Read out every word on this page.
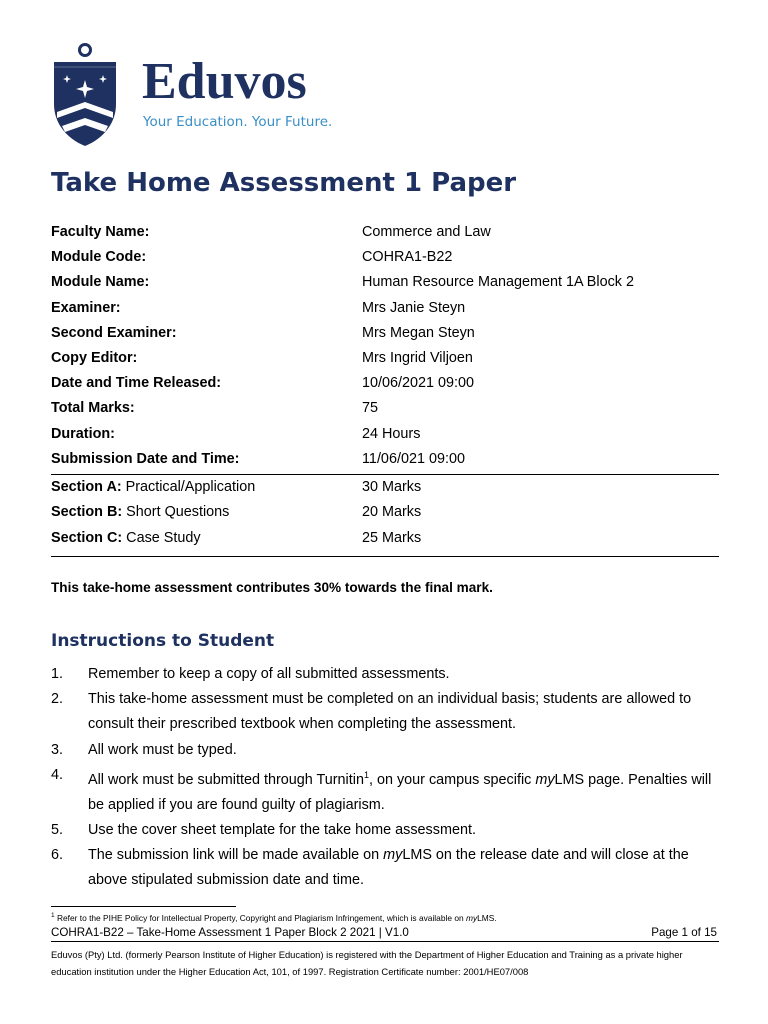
Eduvos
Your Education. Your Future.
Take Home Assessment 1 Paper
Faculty Name:	Commerce and Law
Module Code:	COHRA1-B22
Module Name:	Human Resource Management 1A Block 2
Examiner:	Mrs Janie Steyn
Second Examiner:	Mrs Megan Steyn
Copy Editor:	Mrs Ingrid Viljoen
Date and Time Released:	10/06/2021 09:00
Total Marks:	75
Duration:	24 Hours
Submission Date and Time:	11/06/021 09:00
Section A: Practical/Application	30 Marks
Section B: Short Questions	20 Marks
Section C: Case Study	25 Marks
This take-home assessment contributes 30% towards the final mark.
Instructions to Student
1. Remember to keep a copy of all submitted assessments.
2. This take-home assessment must be completed on an individual basis; students are allowed to consult their prescribed textbook when completing the assessment.
3. All work must be typed.
4. All work must be submitted through Turnitin$^1$, on your campus specific myLMS page. Penalties will be applied if you are found guilty of plagiarism.
5. Use the cover sheet template for the take home assessment.
6. The submission link will be made available on myLMS on the release date and will close at the above stipulated submission date and time.
$^1$ Refer to the PIHE Policy for Intellectual Property, Copyright and Plagiarism Infringement, which is available on myLMS.
COHRA1-B22 – Take-Home Assessment 1 Paper Block 2 2021 | V1.0	Page 1 of 15
Eduvos (Pty) Ltd. (formerly Pearson Institute of Higher Education) is registered with the Department of Higher Education and Training as a private higher education institution under the Higher Education Act, 101, of 1997. Registration Certificate number: 2001/HE07/008
